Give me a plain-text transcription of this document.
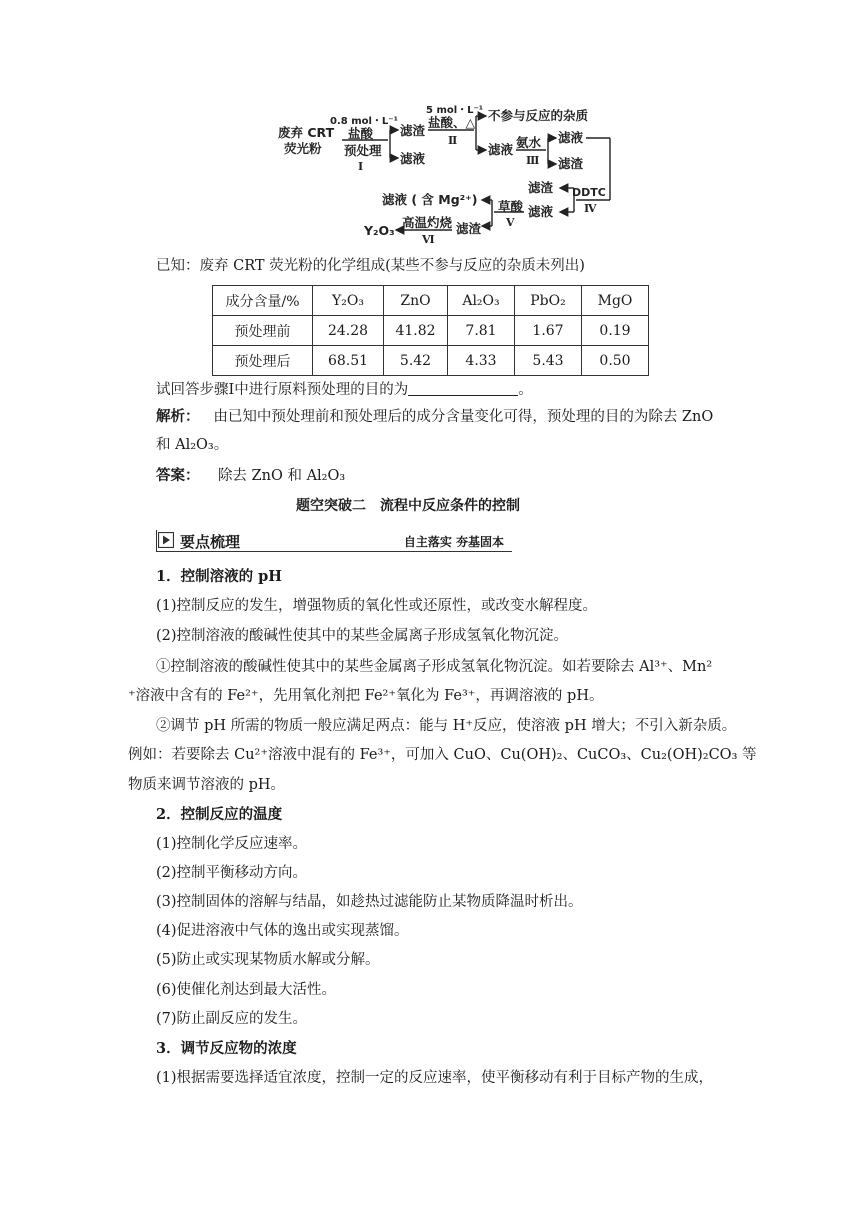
废弃 CRT
荧光粉
0.8 mol・L⁻¹
盐酸
预处理
Ⅰ
滤渣
滤液
5 mol・L⁻¹
盐酸、△
Ⅱ
不参与反应的杂质
滤液 氨水
Ⅲ
滤液
滤渣
DDTC
Ⅳ
滤渣
滤液
滤液 ( 含 Mg²⁺) 草酸
Ⅴ
滤渣
高温灼烧
Ⅵ
Y₂O₃
已知：废弃 CRT 荧光粉的化学组成(某些不参与反应的杂质未列出)
成分含量/%	Y₂O₃	ZnO	Al₂O₃	PbO₂	MgO
预处理前	24.28	41.82	7.81	1.67	0.19
预处理后	68.51	5.42	4.33	5.43	0.50
试回答步骤Ⅰ中进行原料预处理的目的为	。
解析： 由已知中预处理前和预处理后的成分含量变化可得，预处理的目的为除去 ZnO
和 Al₂O₃。
答案： 除去 ZnO 和 Al₂O₃
题空突破二　流程中反应条件的控制
要点梳理	自主落实 夯基固本
1．控制溶液的 pH
(1)控制反应的发生，增强物质的氧化性或还原性，或改变水解程度。
(2)控制溶液的酸碱性使其中的某些金属离子形成氢氧化物沉淀。
①控制溶液的酸碱性使其中的某些金属离子形成氢氧化物沉淀。如若要除去 Al³⁺、Mn²
⁺溶液中含有的 Fe²⁺，先用氧化剂把 Fe²⁺氧化为 Fe³⁺，再调溶液的 pH。
②调节 pH 所需的物质一般应满足两点：能与 H⁺反应，使溶液 pH 增大；不引入新杂质。
例如：若要除去 Cu²⁺溶液中混有的 Fe³⁺，可加入 CuO、Cu(OH)₂、CuCO₃、Cu₂(OH)₂CO₃ 等
物质来调节溶液的 pH。
2．控制反应的温度
(1)控制化学反应速率。
(2)控制平衡移动方向。
(3)控制固体的溶解与结晶，如趁热过滤能防止某物质降温时析出。
(4)促进溶液中气体的逸出或实现蒸馏。
(5)防止或实现某物质水解或分解。
(6)使催化剂达到最大活性。
(7)防止副反应的发生。
3．调节反应物的浓度
(1)根据需要选择适宜浓度，控制一定的反应速率，使平衡移动有利于目标产物的生成，
